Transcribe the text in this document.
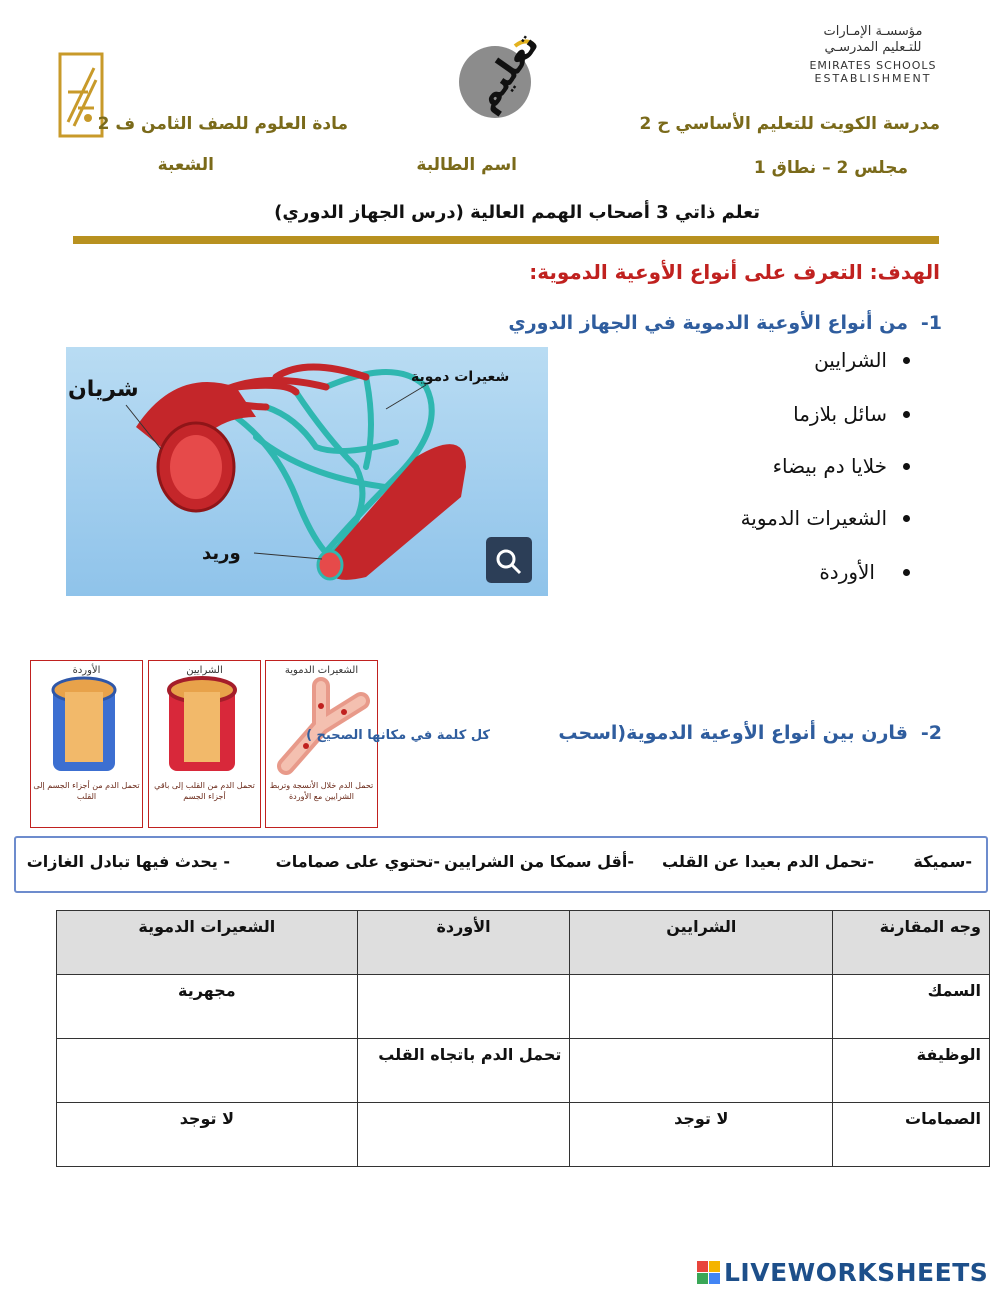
تعليم	مؤسسـة الإمـارات للتـعليم المدرسـي
EMIRATES SCHOOLS
ESTABLISHMENT
مدرسة الكويت للتعليم الأساسي ح 2
مادة العلوم للصف الثامن ف 2
مجلس 2 – نطاق 1
اسم الطالبة
الشعبة
تعلم ذاتي 3 أصحاب الهمم العالية (درس الجهاز الدوري)
الهدف: التعرف على أنواع الأوعية الدموية:
1-
من أنواع الأوعية الدموية في الجهاز الدوري
شريان	شعيرات دموية
وريد
الشرايين
سائل بلازما
خلايا دم بيضاء
الشعيرات الدموية
الأوردة
الأوردة
تحمل الدم من أجزاء الجسم إلى القلب
الشرايين
تحمل الدم من القلب إلى باقي أجزاء الجسم
الشعيرات الدموية
تحمل الدم خلال الأنسجة وتربط الشرايين مع الأوردة
2-
قارن بين أنواع الأوعية الدموية(اسحب
كل كلمة في مكانها الصحيح )
-سميكة
-تحمل الدم بعيدا عن القلب
-أقل سمكا من الشرايين
-تحتوي على صمامات
- يحدث فيها تبادل الغازات
وجه المقارنة	الشرايين	الأوردة	الشعيرات الدموية
السمك			مجهرية
الوظيفة		تحمل الدم باتجاه القلب	
الصمامات	لا توجد		لا توجد
LIVEWORKSHEETS
